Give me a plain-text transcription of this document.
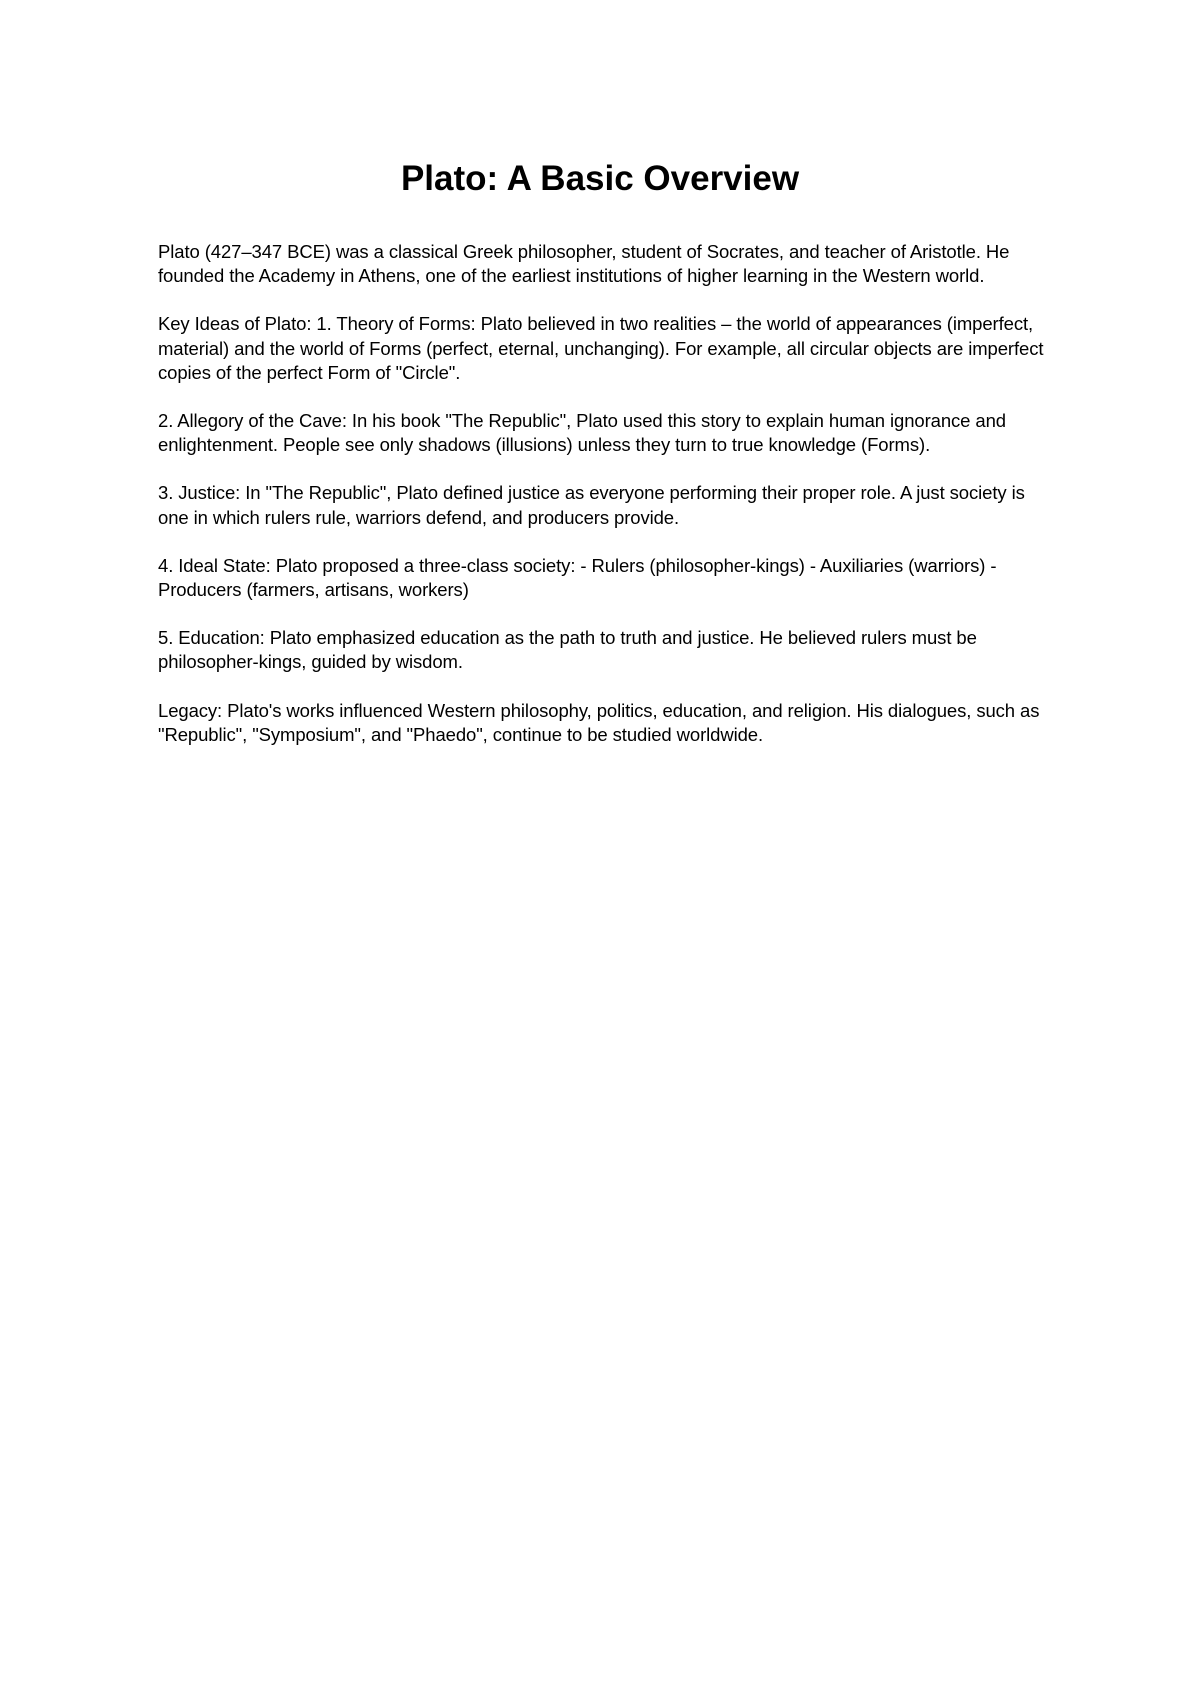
Plato: A Basic Overview

Plato (427–347 BCE) was a classical Greek philosopher, student of Socrates, and teacher of Aristotle. He founded the Academy in Athens, one of the earliest institutions of higher learning in the Western world.

Key Ideas of Plato: 1. Theory of Forms: Plato believed in two realities – the world of appearances (imperfect, material) and the world of Forms (perfect, eternal, unchanging). For example, all circular objects are imperfect copies of the perfect Form of "Circle".

2. Allegory of the Cave: In his book "The Republic", Plato used this story to explain human ignorance and enlightenment. People see only shadows (illusions) unless they turn to true knowledge (Forms).

3. Justice: In "The Republic", Plato defined justice as everyone performing their proper role. A just society is one in which rulers rule, warriors defend, and producers provide.

4. Ideal State: Plato proposed a three-class society: - Rulers (philosopher-kings) - Auxiliaries (warriors) - Producers (farmers, artisans, workers)

5. Education: Plato emphasized education as the path to truth and justice. He believed rulers must be philosopher-kings, guided by wisdom.

Legacy: Plato's works influenced Western philosophy, politics, education, and religion. His dialogues, such as "Republic", "Symposium", and "Phaedo", continue to be studied worldwide.
